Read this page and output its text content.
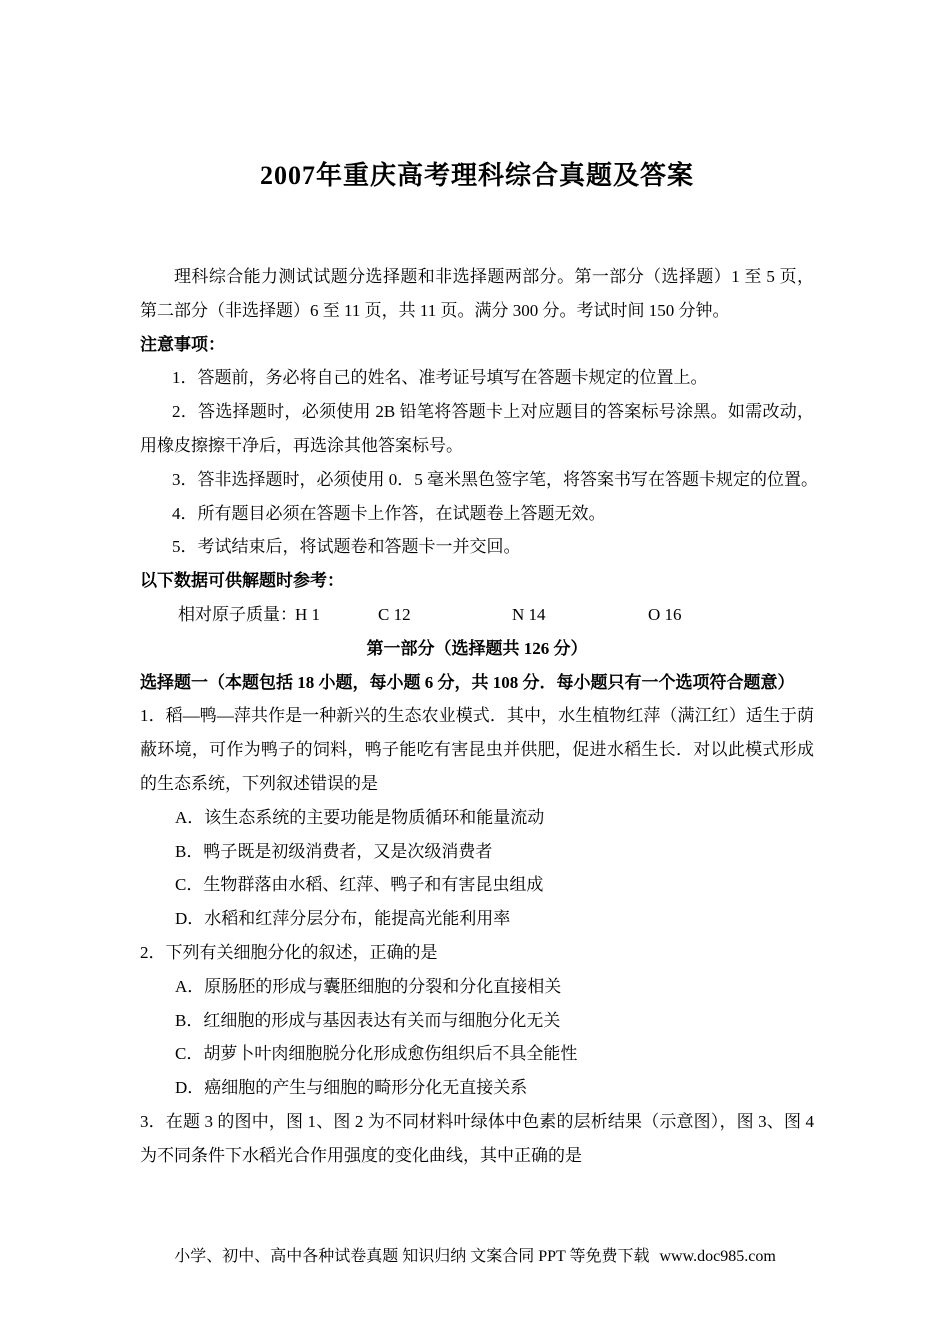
2007年重庆高考理科综合真题及答案

理科综合能力测试试题分选择题和非选择题两部分。第一部分（选择题）1 至 5 页，第二部分（非选择题）6 至 11 页，共 11 页。满分 300 分。考试时间 150 分钟。

注意事项：

1．答题前，务必将自己的姓名、准考证号填写在答题卡规定的位置上。

2．答选择题时，必须使用 2B 铅笔将答题卡上对应题目的答案标号涂黑。如需改动，用橡皮擦擦干净后，再选涂其他答案标号。

3．答非选择题时，必须使用 0．5 毫米黑色签字笔，将答案书写在答题卡规定的位置。

4．所有题目必须在答题卡上作答，在试题卷上答题无效。

5．考试结束后，将试题卷和答题卡一并交回。

以下数据可供解题时参考：

相对原子质量：
H 1	C 12	N 14	O 16

第一部分（选择题共 126 分）

选择题一（本题包括 18 小题，每小题 6 分，共 108 分．每小题只有一个选项符合题意）

1．稻—鸭—萍共作是一种新兴的生态农业模式．其中，水生植物红萍（满江红）适生于荫蔽环境，可作为鸭子的饲料，鸭子能吃有害昆虫并供肥，促进水稻生长．对以此模式形成的生态系统，下列叙述错误的是

A．该生态系统的主要功能是物质循环和能量流动

B．鸭子既是初级消费者，又是次级消费者

C．生物群落由水稻、红萍、鸭子和有害昆虫组成

D．水稻和红萍分层分布，能提高光能利用率

2．下列有关细胞分化的叙述，正确的是

A．原肠胚的形成与囊胚细胞的分裂和分化直接相关

B．红细胞的形成与基因表达有关而与细胞分化无关

C．胡萝卜叶肉细胞脱分化形成愈伤组织后不具全能性

D．癌细胞的产生与细胞的畸形分化无直接关系

3．在题 3 的图中，图 1、图 2 为不同材料叶绿体中色素的层析结果（示意图），图 3、图 4 为不同条件下水稻光合作用强度的变化曲线，其中正确的是

小学、初中、高中各种试卷真题 知识归纳 文案合同 PPT 等免费下载 www.doc985.com
